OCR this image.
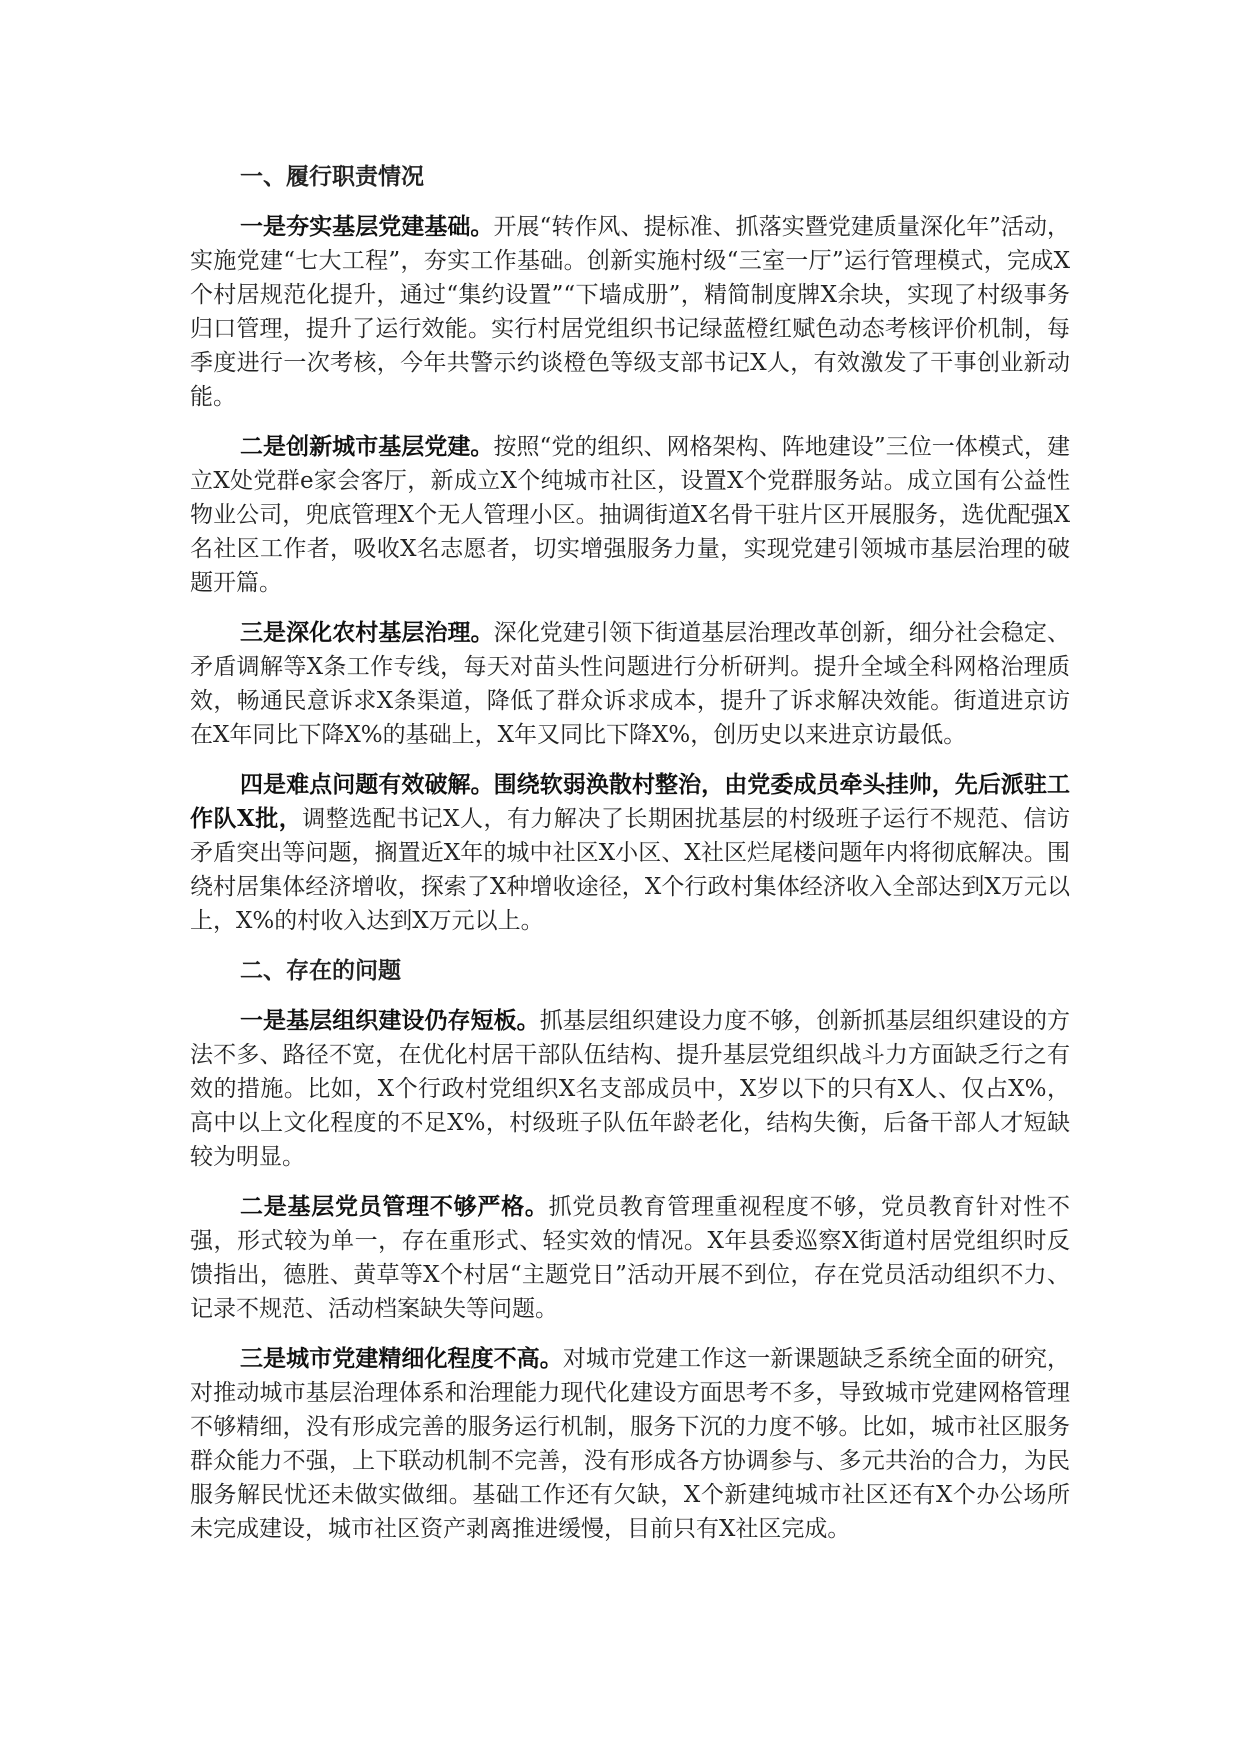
一、履行职责情况

一是夯实基层党建基础。开展“转作风、提标准、抓落实暨党建质量深化年”活动，实施党建“七大工程”，夯实工作基础。创新实施村级“三室一厅”运行管理模式，完成X个村居规范化提升，通过“集约设置”“下墙成册”，精简制度牌X余块，实现了村级事务归口管理，提升了运行效能。实行村居党组织书记绿蓝橙红赋色动态考核评价机制，每季度进行一次考核，今年共警示约谈橙色等级支部书记X人，有效激发了干事创业新动能。

二是创新城市基层党建。按照“党的组织、网格架构、阵地建设”三位一体模式，建立X处党群e家会客厅，新成立X个纯城市社区，设置X个党群服务站。成立国有公益性物业公司，兜底管理X个无人管理小区。抽调街道X名骨干驻片区开展服务，选优配强X名社区工作者，吸收X名志愿者，切实增强服务力量，实现党建引领城市基层治理的破题开篇。

三是深化农村基层治理。深化党建引领下街道基层治理改革创新，细分社会稳定、矛盾调解等X条工作专线，每天对苗头性问题进行分析研判。提升全域全科网格治理质效，畅通民意诉求X条渠道，降低了群众诉求成本，提升了诉求解决效能。街道进京访在X年同比下降X%的基础上，X年又同比下降X%，创历史以来进京访最低。

四是难点问题有效破解。围绕软弱涣散村整治，由党委成员牵头挂帅，先后派驻工作队X批，调整选配书记X人，有力解决了长期困扰基层的村级班子运行不规范、信访矛盾突出等问题，搁置近X年的城中社区X小区、X社区烂尾楼问题年内将彻底解决。围绕村居集体经济增收，探索了X种增收途径，X个行政村集体经济收入全部达到X万元以上，X%的村收入达到X万元以上。

二、存在的问题

一是基层组织建设仍存短板。抓基层组织建设力度不够，创新抓基层组织建设的方法不多、路径不宽，在优化村居干部队伍结构、提升基层党组织战斗力方面缺乏行之有效的措施。比如，X个行政村党组织X名支部成员中，X岁以下的只有X人、仅占X%，高中以上文化程度的不足X%，村级班子队伍年龄老化，结构失衡，后备干部人才短缺较为明显。

二是基层党员管理不够严格。抓党员教育管理重视程度不够，党员教育针对性不强，形式较为单一，存在重形式、轻实效的情况。X年县委巡察X街道村居党组织时反馈指出，德胜、黄草等X个村居“主题党日”活动开展不到位，存在党员活动组织不力、记录不规范、活动档案缺失等问题。

三是城市党建精细化程度不高。对城市党建工作这一新课题缺乏系统全面的研究，对推动城市基层治理体系和治理能力现代化建设方面思考不多，导致城市党建网格管理不够精细，没有形成完善的服务运行机制，服务下沉的力度不够。比如，城市社区服务群众能力不强，上下联动机制不完善，没有形成各方协调参与、多元共治的合力，为民服务解民忧还未做实做细。基础工作还有欠缺，X个新建纯城市社区还有X个办公场所未完成建设，城市社区资产剥离推进缓慢，目前只有X社区完成。
